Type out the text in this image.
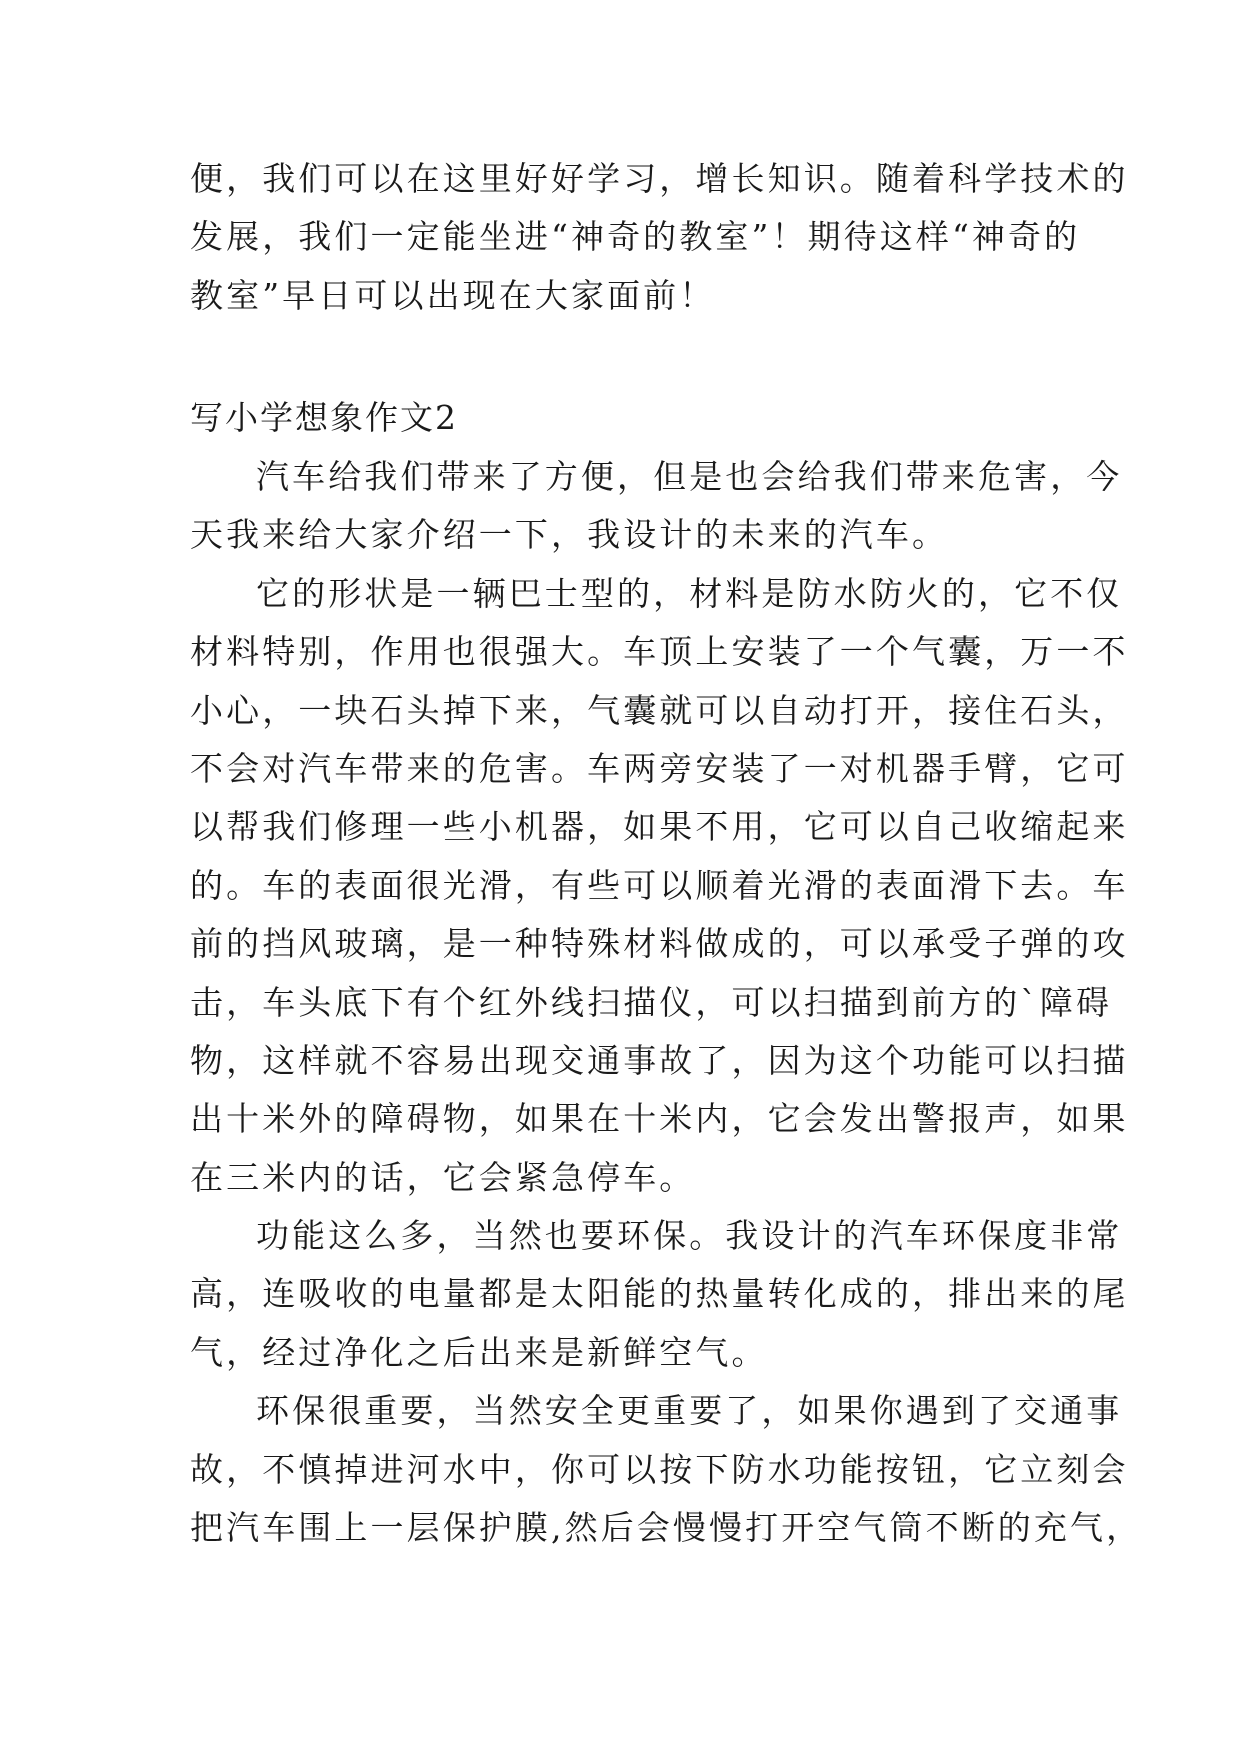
便，我们可以在这里好好学习，增长知识。随着科学技术的
发展，我们一定能坐进“神奇的教室”！期待这样“神奇的
教室”早日可以出现在大家面前！
写小学想象作文2
汽车给我们带来了方便，但是也会给我们带来危害，今
天我来给大家介绍一下，我设计的未来的汽车。
它的形状是一辆巴士型的，材料是防水防火的，它不仅
材料特别，作用也很强大。车顶上安装了一个气囊，万一不
小心，一块石头掉下来，气囊就可以自动打开，接住石头，
不会对汽车带来的危害。车两旁安装了一对机器手臂，它可
以帮我们修理一些小机器，如果不用，它可以自己收缩起来
的。车的表面很光滑，有些可以顺着光滑的表面滑下去。车
前的挡风玻璃，是一种特殊材料做成的，可以承受子弹的攻
击，车头底下有个红外线扫描仪，可以扫描到前方的`障碍
物，这样就不容易出现交通事故了，因为这个功能可以扫描
出十米外的障碍物，如果在十米内，它会发出警报声，如果
在三米内的话，它会紧急停车。
功能这么多，当然也要环保。我设计的汽车环保度非常
高，连吸收的电量都是太阳能的热量转化成的，排出来的尾
气，经过净化之后出来是新鲜空气。
环保很重要，当然安全更重要了，如果你遇到了交通事
故，不慎掉进河水中，你可以按下防水功能按钮，它立刻会
把汽车围上一层保护膜,然后会慢慢打开空气筒不断的充气，
